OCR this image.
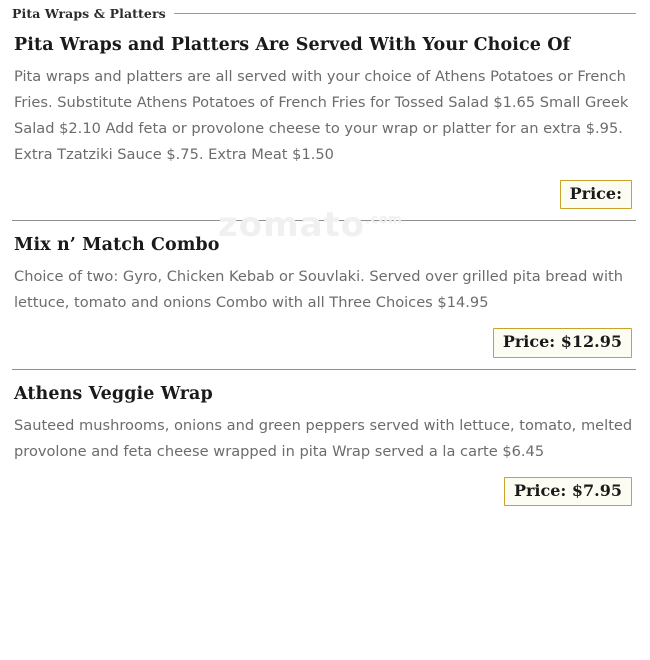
Pita Wraps & Platters
Pita Wraps and Platters Are Served With Your Choice Of

Pita wraps and platters are all served with your choice of Athens Potatoes or French Fries. Substitute Athens Potatoes of French Fries for Tossed Salad $1.65 Small Greek Salad $2.10 Add feta or provolone cheese to your wrap or platter for an extra $.95. Extra Tzatziki Sauce $.75. Extra Meat $1.50

Price:
Mix n’ Match Combo

Choice of two: Gyro, Chicken Kebab or Souvlaki. Served over grilled pita bread with lettuce, tomato and onions Combo with all Three Choices $14.95

Price: $12.95
Athens Veggie Wrap

Sauteed mushrooms, onions and green peppers served with lettuce, tomato, melted provolone and feta cheese wrapped in pita Wrap served a la carte $6.45

Price: $7.95
zomato$^{.com}$
